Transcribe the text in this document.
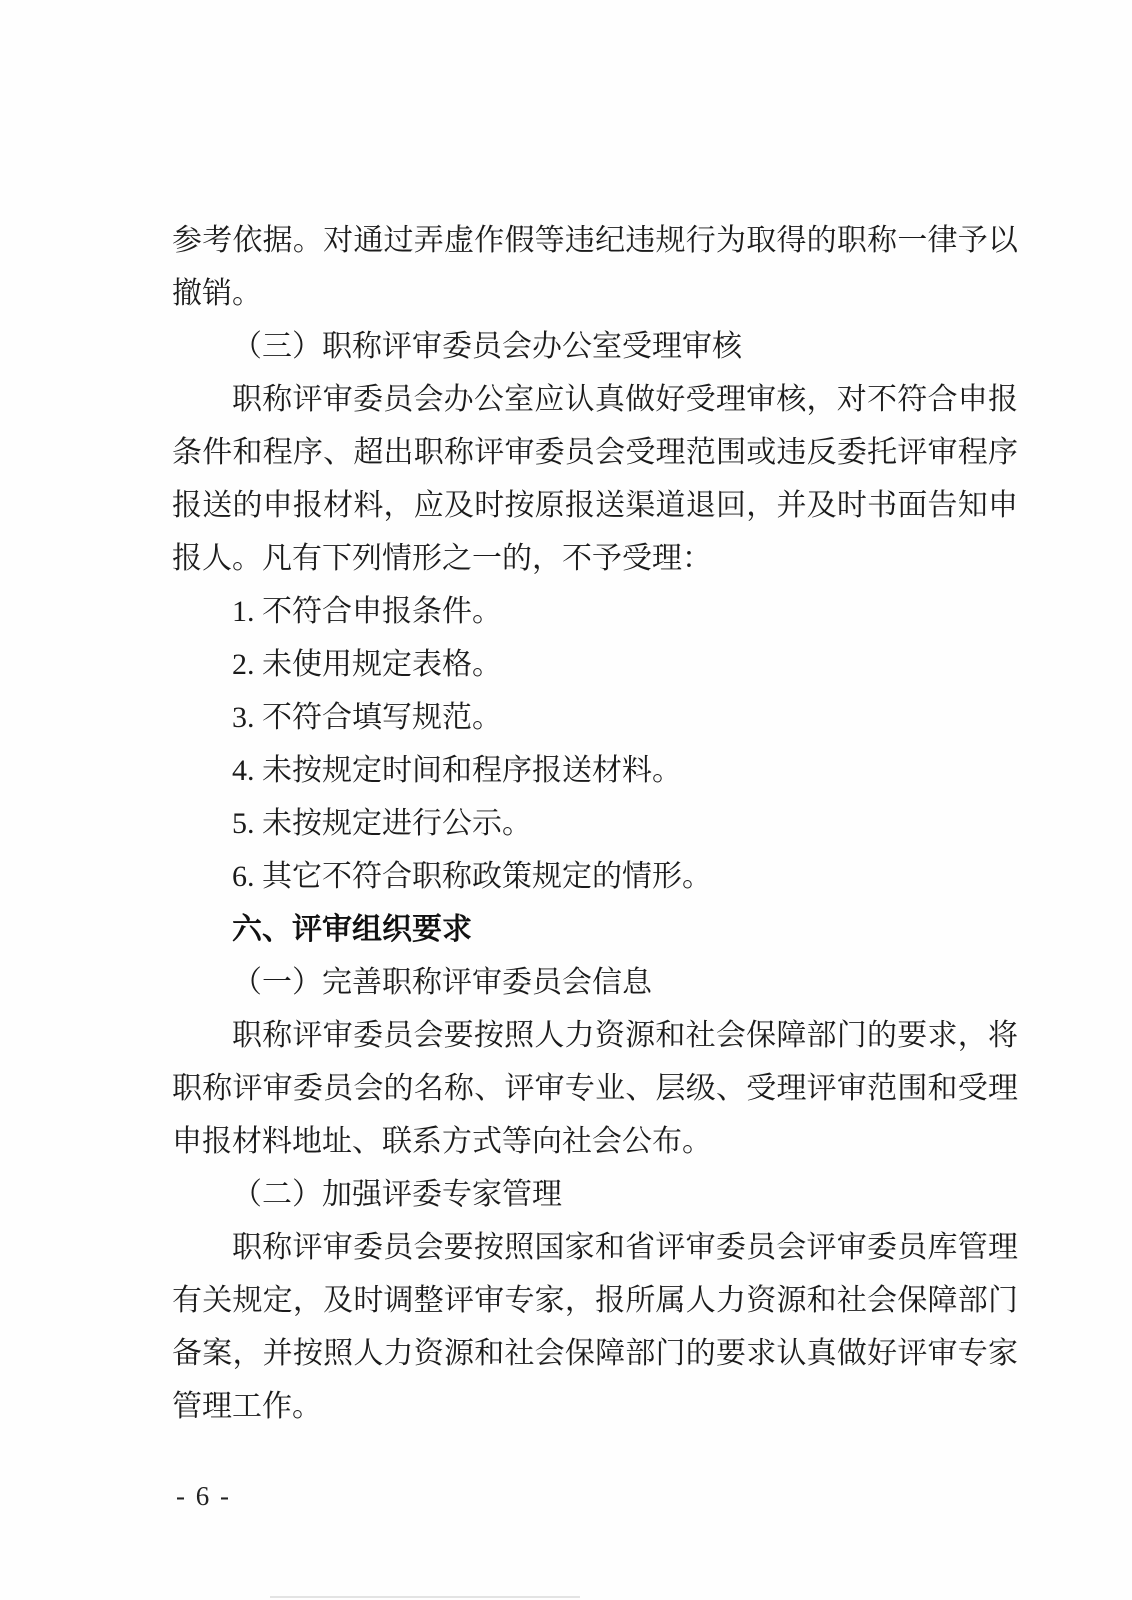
参考依据。对通过弄虚作假等违纪违规行为取得的职称一律予以撤销。

（三）职称评审委员会办公室受理审核

职称评审委员会办公室应认真做好受理审核，对不符合申报条件和程序、超出职称评审委员会受理范围或违反委托评审程序报送的申报材料，应及时按原报送渠道退回，并及时书面告知申报人。凡有下列情形之一的，不予受理：

1. 不符合申报条件。

2. 未使用规定表格。

3. 不符合填写规范。

4. 未按规定时间和程序报送材料。

5. 未按规定进行公示。

6. 其它不符合职称政策规定的情形。

六、评审组织要求

（一）完善职称评审委员会信息

职称评审委员会要按照人力资源和社会保障部门的要求，将职称评审委员会的名称、评审专业、层级、受理评审范围和受理申报材料地址、联系方式等向社会公布。

（二）加强评委专家管理

职称评审委员会要按照国家和省评审委员会评审委员库管理有关规定，及时调整评审专家，报所属人力资源和社会保障部门备案，并按照人力资源和社会保障部门的要求认真做好评审专家管理工作。

- 6 -
